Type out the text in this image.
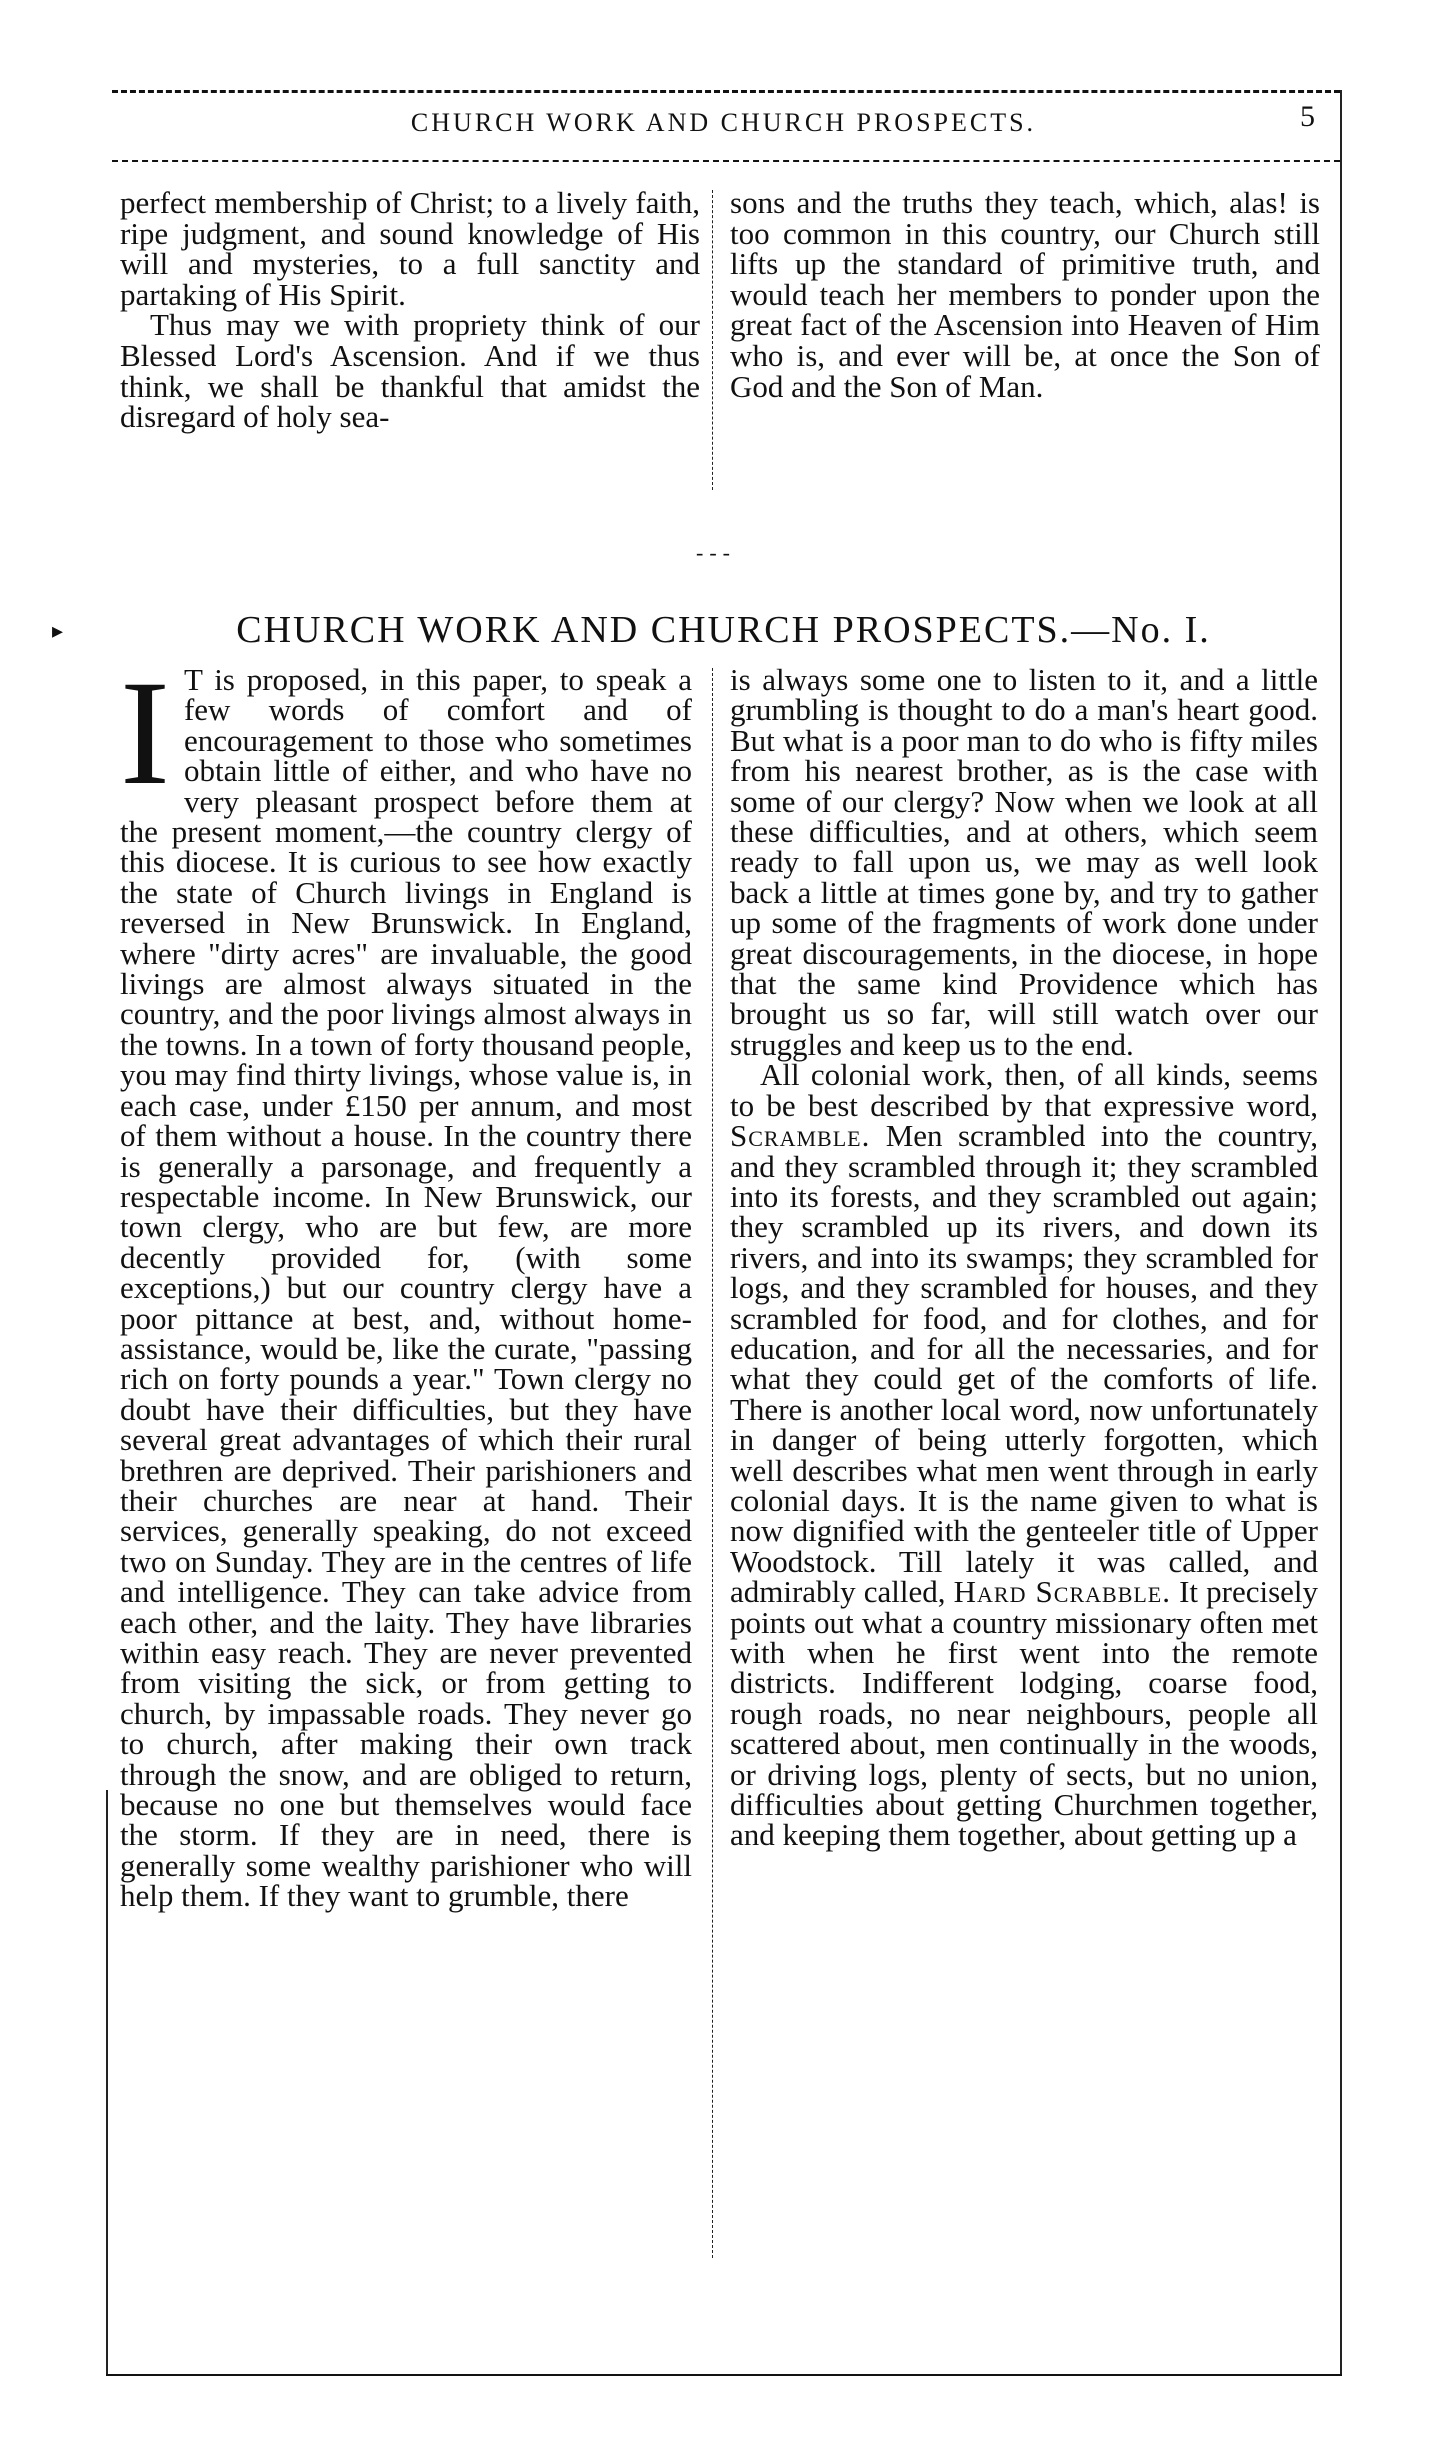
CHURCH WORK AND CHURCH PROSPECTS.	5

perfect membership of Christ; to a lively faith, ripe judgment, and sound knowledge of His will and mysteries, to a full sanctity and partaking of His Spirit.

Thus may we with propriety think of our Blessed Lord's Ascension. And if we thus think, we shall be thankful that amidst the disregard of holy sea-

sons and the truths they teach, which, alas! is too common in this country, our Church still lifts up the standard of primitive truth, and would teach her members to ponder upon the great fact of the Ascension into Heaven of Him who is, and ever will be, at once the Son of God and the Son of Man.

---
▸	CHURCH WORK AND CHURCH PROSPECTS.—No. I.
I T is proposed, in this paper, to speak a few words of comfort and of encouragement to those who sometimes obtain little of either, and who have no very pleasant prospect before them at the present moment,—the country clergy of this diocese. It is curious to see how exactly the state of Church livings in England is reversed in New Brunswick. In England, where "dirty acres" are invaluable, the good livings are almost always situated in the country, and the poor livings almost always in the towns. In a town of forty thousand people, you may find thirty livings, whose value is, in each case, under £150 per annum, and most of them without a house. In the country there is generally a parsonage, and frequently a respectable income. In New Brunswick, our town clergy, who are but few, are more decently provided for, (with some exceptions,) but our country clergy have a poor pittance at best, and, without home-assistance, would be, like the curate, "passing rich on forty pounds a year." Town clergy no doubt have their difficulties, but they have several great advantages of which their rural brethren are deprived. Their parishioners and their churches are near at hand. Their services, generally speaking, do not exceed two on Sunday. They are in the centres of life and intelligence. They can take advice from each other, and the laity. They have libraries within easy reach. They are never prevented from visiting the sick, or from getting to church, by impassable roads. They never go to church, after making their own track through the snow, and are obliged to return, because no one but themselves would face the storm. If they are in need, there is generally some wealthy parishioner who will help them. If they want to grumble, there

is always some one to listen to it, and a little grumbling is thought to do a man's heart good. But what is a poor man to do who is fifty miles from his nearest brother, as is the case with some of our clergy? Now when we look at all these difficulties, and at others, which seem ready to fall upon us, we may as well look back a little at times gone by, and try to gather up some of the fragments of work done under great discouragements, in the diocese, in hope that the same kind Providence which has brought us so far, will still watch over our struggles and keep us to the end.

All colonial work, then, of all kinds, seems to be best described by that expressive word, Scramble. Men scrambled into the country, and they scrambled through it; they scrambled into its forests, and they scrambled out again; they scrambled up its rivers, and down its rivers, and into its swamps; they scrambled for logs, and they scrambled for houses, and they scrambled for food, and for clothes, and for education, and for all the necessaries, and for what they could get of the comforts of life. There is another local word, now unfortunately in danger of being utterly forgotten, which well describes what men went through in early colonial days. It is the name given to what is now dignified with the genteeler title of Upper Woodstock. Till lately it was called, and admirably called, Hard Scrabble. It precisely points out what a country missionary often met with when he first went into the remote districts. Indifferent lodging, coarse food, rough roads, no near neighbours, people all scattered about, men continually in the woods, or driving logs, plenty of sects, but no union, difficulties about getting Churchmen together, and keeping them together, about getting up a
